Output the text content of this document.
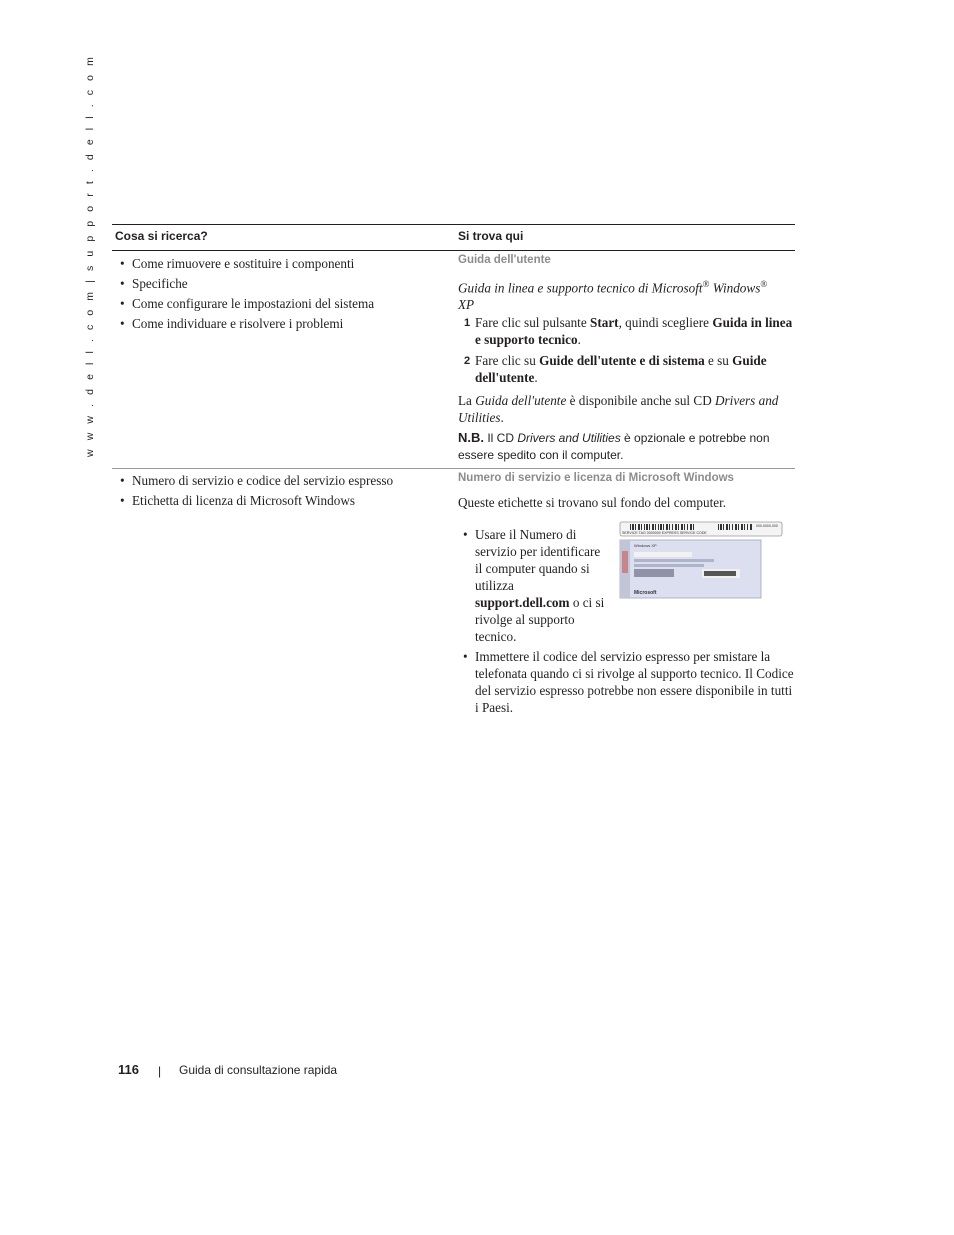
w w w . d e l l . c o m | s u p p o r t . d e l l . c o m Cosa si ricerca?	Si trova qui
• Come rimuovere e sostituire i componenti
• Specifiche
• Come configurare le impostazioni del sistema
• Come individuare e risolvere i problemi
Guida dell'utente
Guida in linea e supporto tecnico di Microsoft® Windows®
XP
1 Fare clic sul pulsante Start, quindi scegliere Guida in linea e supporto tecnico.
2 Fare clic su Guide dell'utente e di sistema e su Guide dell'utente.
La Guida dell'utente è disponibile anche sul CD Drivers and Utilities.
N.B. Il CD Drivers and Utilities è opzionale e potrebbe non essere spedito con il computer.
• Numero di servizio e codice del servizio espresso
• Etichetta di licenza di Microsoft Windows
Numero di servizio e licenza di Microsoft Windows
Queste etichette si trovano sul fondo del computer.
• Usare il Numero di servizio per identificare il computer quando si utilizza support.dell.com o ci si rivolge al supporto tecnico.
• Immettere il codice del servizio espresso per smistare la telefonata quando ci si rivolge al supporto tecnico. Il Codice del servizio espresso potrebbe non essere disponibile in tutti i Paesi.
000-0000-000
SERVICE TAG 0000000 EXPRESS SERVICE CODE
Windows XP
Microsoft
116 | Guida di consultazione rapida
